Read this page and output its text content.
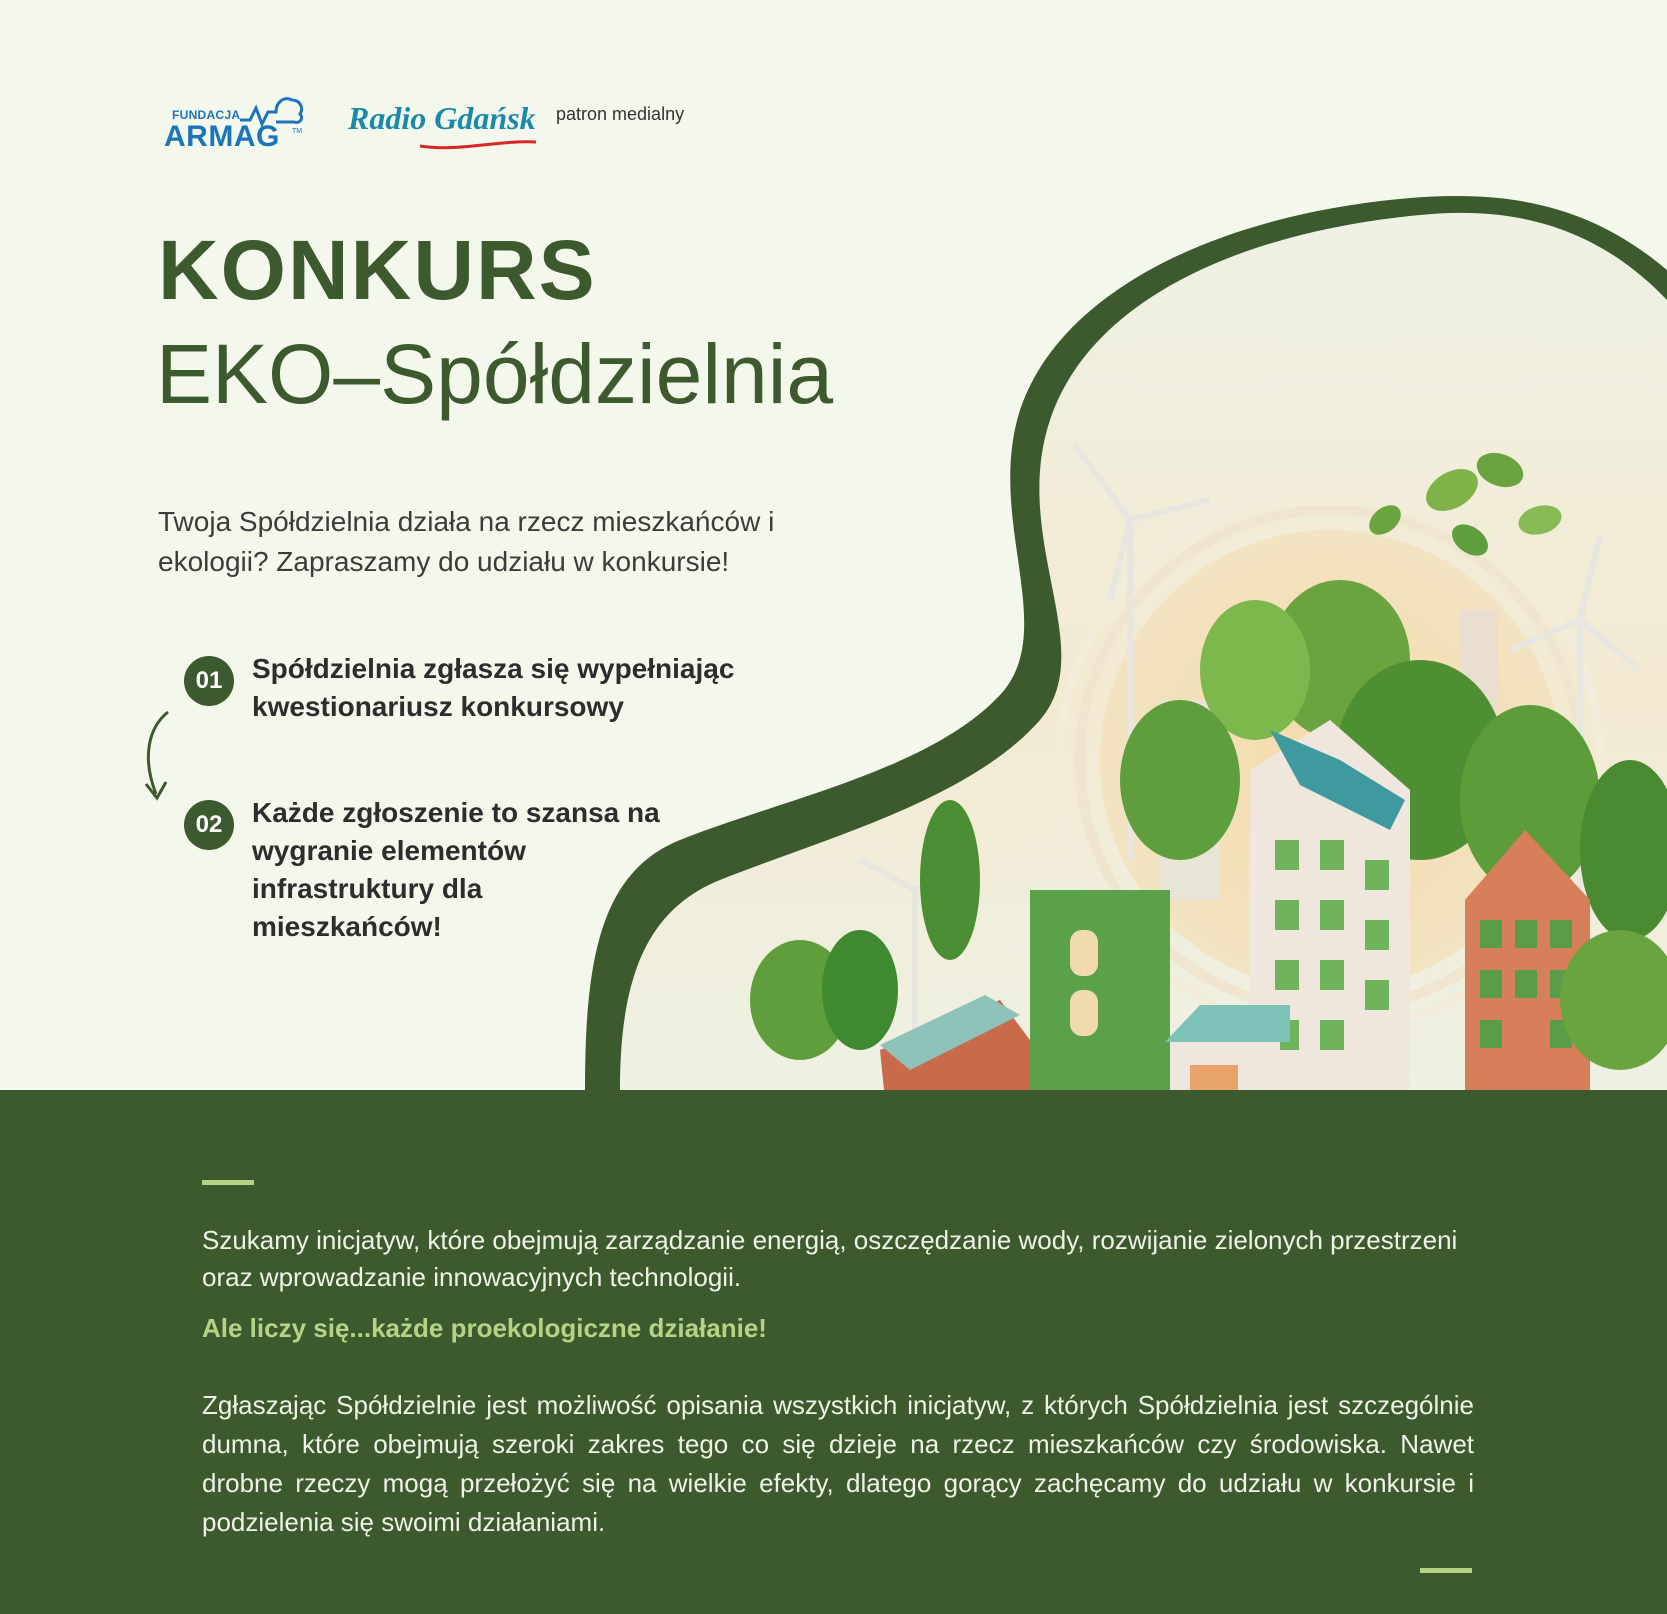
FUNDACJA
ARMAG TM Radio Gdańsk patron medialny
KONKURS
EKO–Spółdzielnia
Twoja Spółdzielnia działa na rzecz mieszkańców i ekologii? Zapraszamy do udziału w konkursie!
01	Spółdzielnia zgłasza się wypełniając kwestionariusz konkursowy
02	Każde zgłoszenie to szansa na wygranie elementów infrastruktury dla mieszkańców!
Szukamy inicjatyw, które obejmują zarządzanie energią, oszczędzanie wody, rozwijanie zielonych przestrzeni oraz wprowadzanie innowacyjnych technologii.
Ale liczy się...każde proekologiczne działanie!
Zgłaszając Spółdzielnie jest możliwość opisania wszystkich inicjatyw, z których Spółdzielnia jest szczególnie dumna, które obejmują szeroki zakres tego co się dzieje na rzecz mieszkańców czy środowiska. Nawet drobne rzeczy mogą przełożyć się na wielkie efekty, dlatego gorący zachęcamy do udziału w konkursie i podzielenia się swoimi działaniami.
